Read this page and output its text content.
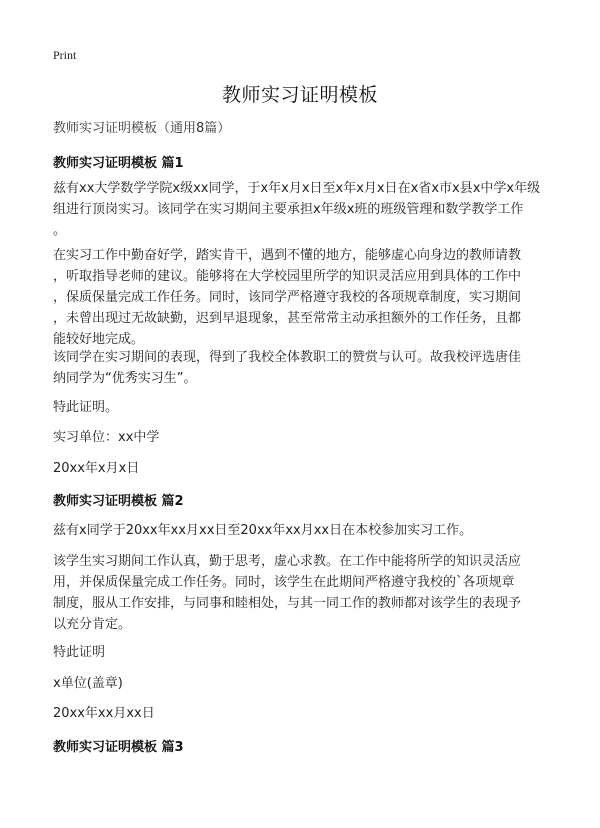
Print
教师实习证明模板
教师实习证明模板（通用8篇）
教师实习证明模板 篇1
兹有xx大学数学学院x级xx同学，于x年x月x日至x年x月x日在x省x市x县x中学x年级
组进行顶岗实习。该同学在实习期间主要承担x年级x班的班级管理和数学教学工作
。
在实习工作中勤奋好学，踏实肯干，遇到不懂的地方，能够虚心向身边的教师请教
，听取指导老师的建议。能够将在大学校园里所学的知识灵活应用到具体的工作中
，保质保量完成工作任务。同时，该同学严格遵守我校的各项规章制度，实习期间
，未曾出现过无故缺勤，迟到早退现象，甚至常常主动承担额外的工作任务，且都
能较好地完成。
该同学在实习期间的表现，得到了我校全体教职工的赞赏与认可。故我校评选唐佳
纳同学为“优秀实习生”。
特此证明。
实习单位：xx中学
20xx年x月x日
教师实习证明模板 篇2
兹有x同学于20xx年xx月xx日至20xx年xx月xx日在本校参加实习工作。
该学生实习期间工作认真，勤于思考，虚心求教。在工作中能将所学的知识灵活应
用，并保质保量完成工作任务。同时，该学生在此期间严格遵守我校的`各项规章
制度，服从工作安排，与同事和睦相处，与其一同工作的教师都对该学生的表现予
以充分肯定。
特此证明
x单位(盖章)
20xx年xx月xx日
教师实习证明模板 篇3
